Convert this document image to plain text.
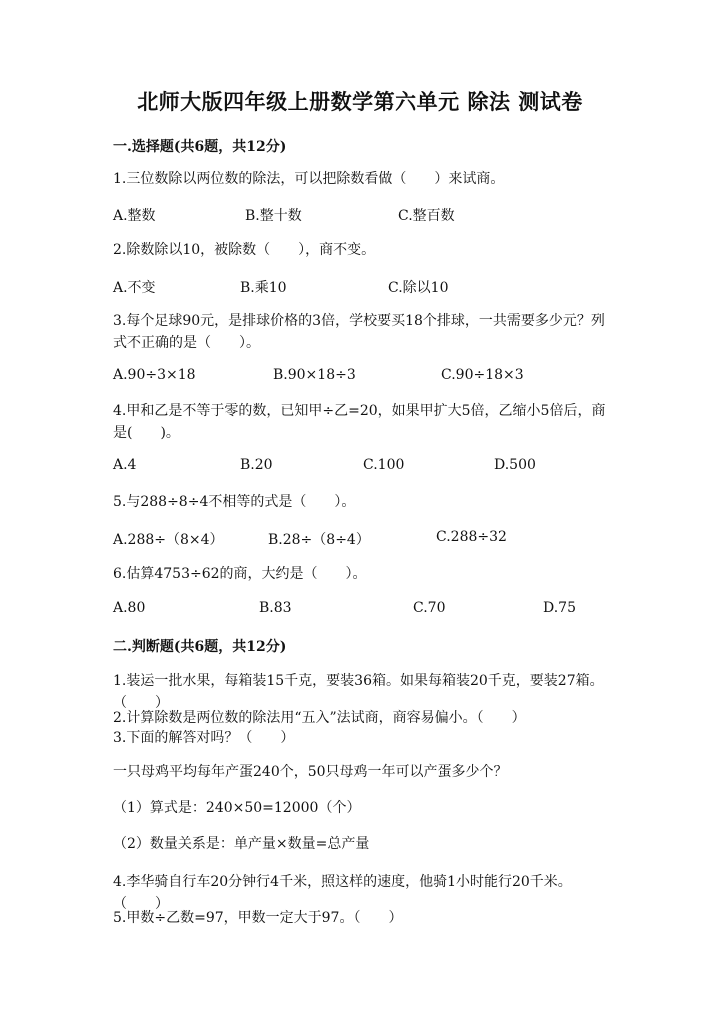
北师大版四年级上册数学第六单元 除法 测试卷
一.选择题(共6题，共12分)
1.三位数除以两位数的除法，可以把除数看做（　　）来试商。
A.整数	B.整十数	C.整百数
2.除数除以10，被除数（　　），商不变。
A.不变	B.乘10	C.除以10
3.每个足球90元，是排球价格的3倍，学校要买18个排球，一共需要多少元？列式不正确的是（　　）。
A.90÷3×18	B.90×18÷3	C.90÷18×3
4.甲和乙是不等于零的数，已知甲÷乙=20，如果甲扩大5倍，乙缩小5倍后，商是(　　)。
A.4	B.20	C.100	D.500
5.与288÷8÷4不相等的式是（　　）。
A.288÷（8×4）	B.28÷（8÷4）	C.288÷32
6.估算4753÷62的商，大约是（　　）。
A.80	B.83	C.70	D.75
二.判断题(共6题，共12分)
1.装运一批水果，每箱装15千克，要装36箱。如果每箱装20千克，要装27箱。（　　）
2.计算除数是两位数的除法用“五入”法试商，商容易偏小。（　　）
3.下面的解答对吗？（　　）
一只母鸡平均每年产蛋240个，50只母鸡一年可以产蛋多少个？
（1）算式是：240×50=12000（个）
（2）数量关系是：单产量×数量=总产量
4.李华骑自行车20分钟行4千米，照这样的速度，他骑1小时能行20千米。（　　）
5.甲数÷乙数=97，甲数一定大于97。（　　）
